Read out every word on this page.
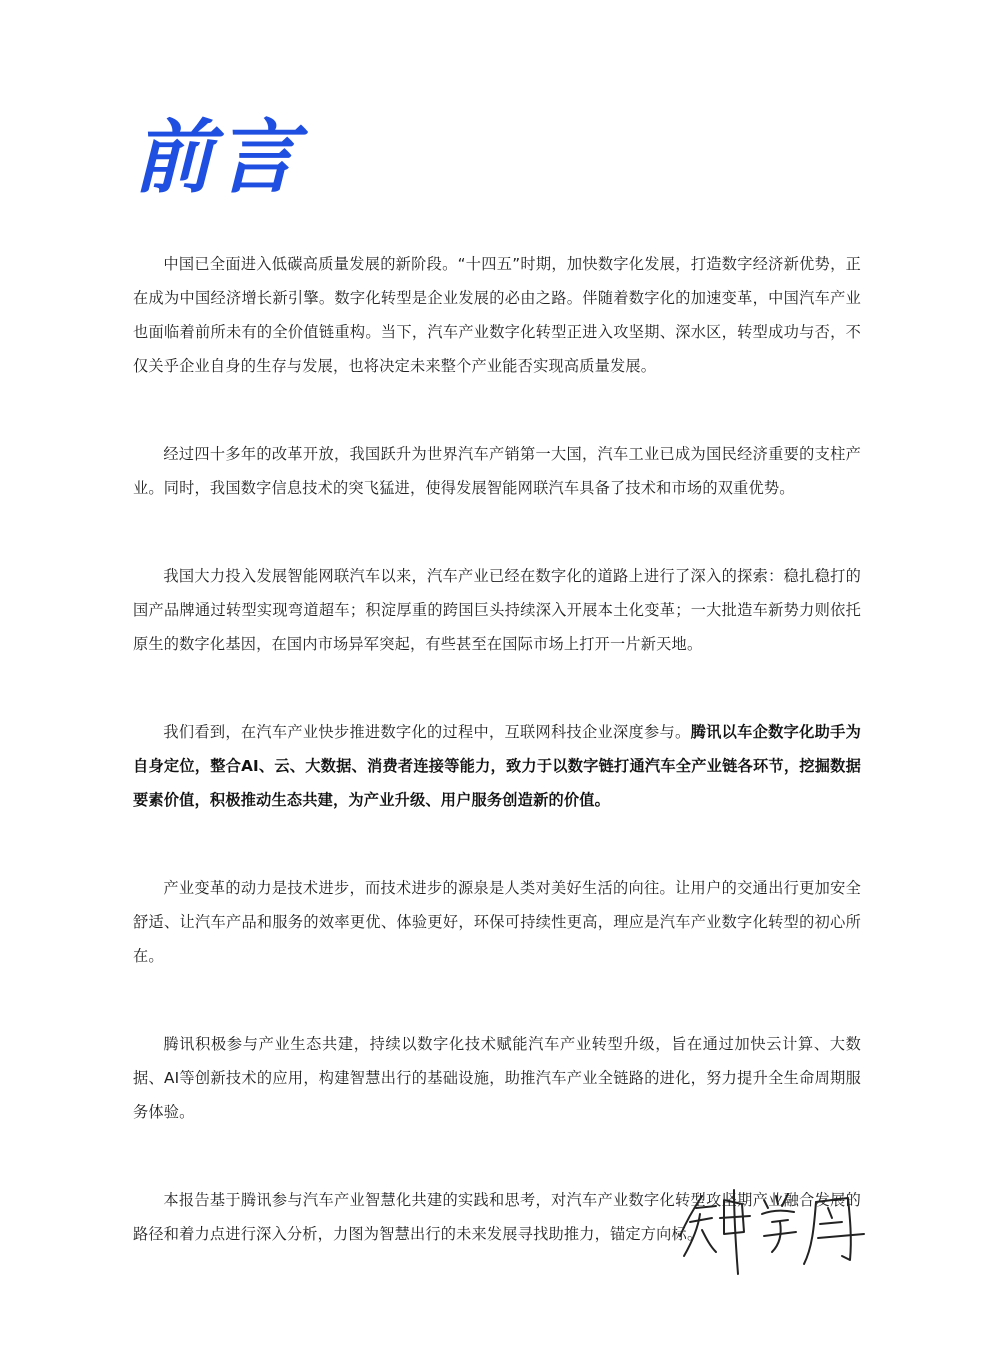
前言

中国已全面进入低碳高质量发展的新阶段。“十四五”时期，加快数字化发展，打造数字经济新优势，正在成为中国经济增长新引擎。数字化转型是企业发展的必由之路。伴随着数字化的加速变革，中国汽车产业也面临着前所未有的全价值链重构。当下，汽车产业数字化转型正进入攻坚期、深水区，转型成功与否，不仅关乎企业自身的生存与发展，也将决定未来整个产业能否实现高质量发展。

经过四十多年的改革开放，我国跃升为世界汽车产销第一大国，汽车工业已成为国民经济重要的支柱产业。同时，我国数字信息技术的突飞猛进，使得发展智能网联汽车具备了技术和市场的双重优势。

我国大力投入发展智能网联汽车以来，汽车产业已经在数字化的道路上进行了深入的探索：稳扎稳打的国产品牌通过转型实现弯道超车；积淀厚重的跨国巨头持续深入开展本土化变革；一大批造车新势力则依托原生的数字化基因，在国内市场异军突起，有些甚至在国际市场上打开一片新天地。

我们看到，在汽车产业快步推进数字化的过程中，互联网科技企业深度参与。腾讯以车企数字化助手为自身定位，整合AI、云、大数据、消费者连接等能力，致力于以数字链打通汽车全产业链各环节，挖掘数据要素价值，积极推动生态共建，为产业升级、用户服务创造新的价值。

产业变革的动力是技术进步，而技术进步的源泉是人类对美好生活的向往。让用户的交通出行更加安全舒适、让汽车产品和服务的效率更优、体验更好，环保可持续性更高，理应是汽车产业数字化转型的初心所在。

腾讯积极参与产业生态共建，持续以数字化技术赋能汽车产业转型升级，旨在通过加快云计算、大数据、AI等创新技术的应用，构建智慧出行的基础设施，助推汽车产业全链路的进化，努力提升全生命周期服务体验。

本报告基于腾讯参与汽车产业智慧化共建的实践和思考，对汽车产业数字化转型攻坚期产业融合发展的路径和着力点进行深入分析，力图为智慧出行的未来发展寻找助推力，锚定方向标。
